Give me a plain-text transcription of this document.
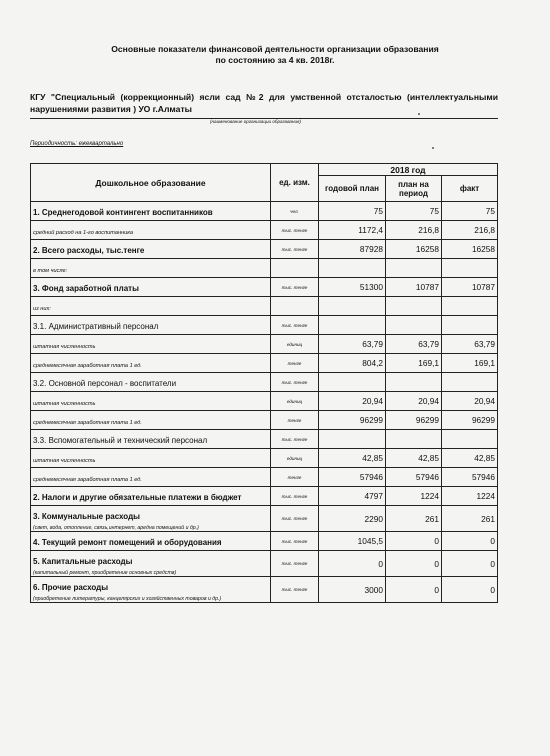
Основные показатели финансовой деятельности организации образования
по состоянию за 4 кв. 2018г.
КГУ "Специальный (коррекционный) ясли сад №2 для умственной отсталостью (интеллектуальными нарушениями развития ) УО г.Алматы
(наименование организации образования)
Периодичность: ежеквартально
Дошкольное образование	ед. изм.	2018 год		
		годовой план	план на период	факт
1. Среднегодовой контингент воспитанников	чел.	75	75	75
средний расход на 1-го воспитанника	тыс. тенге	1172,4	216,8	216,8
2. Всего расходы, тыс.тенге	тыс. тенге	87928	16258	16258
в том числе:				
3. Фонд заработной платы	тыс. тенге	51300	10787	10787
из них:				
3.1. Административный персонал	тыс. тенге			
штатная численность	единиц	63,79	63,79	63,79
среднемесячная заработная плата 1 ед.	тенге	804,2	169,1	169,1
3.2. Основной персонал - воспитатели	тыс. тенге			
штатная численность	единиц	20,94	20,94	20,94
среднемесячная заработная плата 1 ед.	тенге	96299	96299	96299
3.3. Вспомогательный и технический персонал	тыс. тенге			
штатная численность	единиц	42,85	42,85	42,85
среднемесячная заработная плата 1 ед.	тенге	57946	57946	57946
2. Налоги и другие обязательные платежи в бюджет	тыс. тенге	4797	1224	1224
3. Коммунальные расходы
(свет, вода, отопление, связь,интернет, аредна помещений и др.)	тыс. тенге	2290	261	261
4. Текущий ремонт помещений и оборудования	тыс. тенге	1045,5	0	0
5. Капитальные расходы
(капитальный ремонт, приобретение основных средств)	тыс. тенге	0	0	0
6. Прочие расходы
(приобретение литературы, канцелярских и хозяйственных товаров и др.)	тыс. тенге	3000	0	0
